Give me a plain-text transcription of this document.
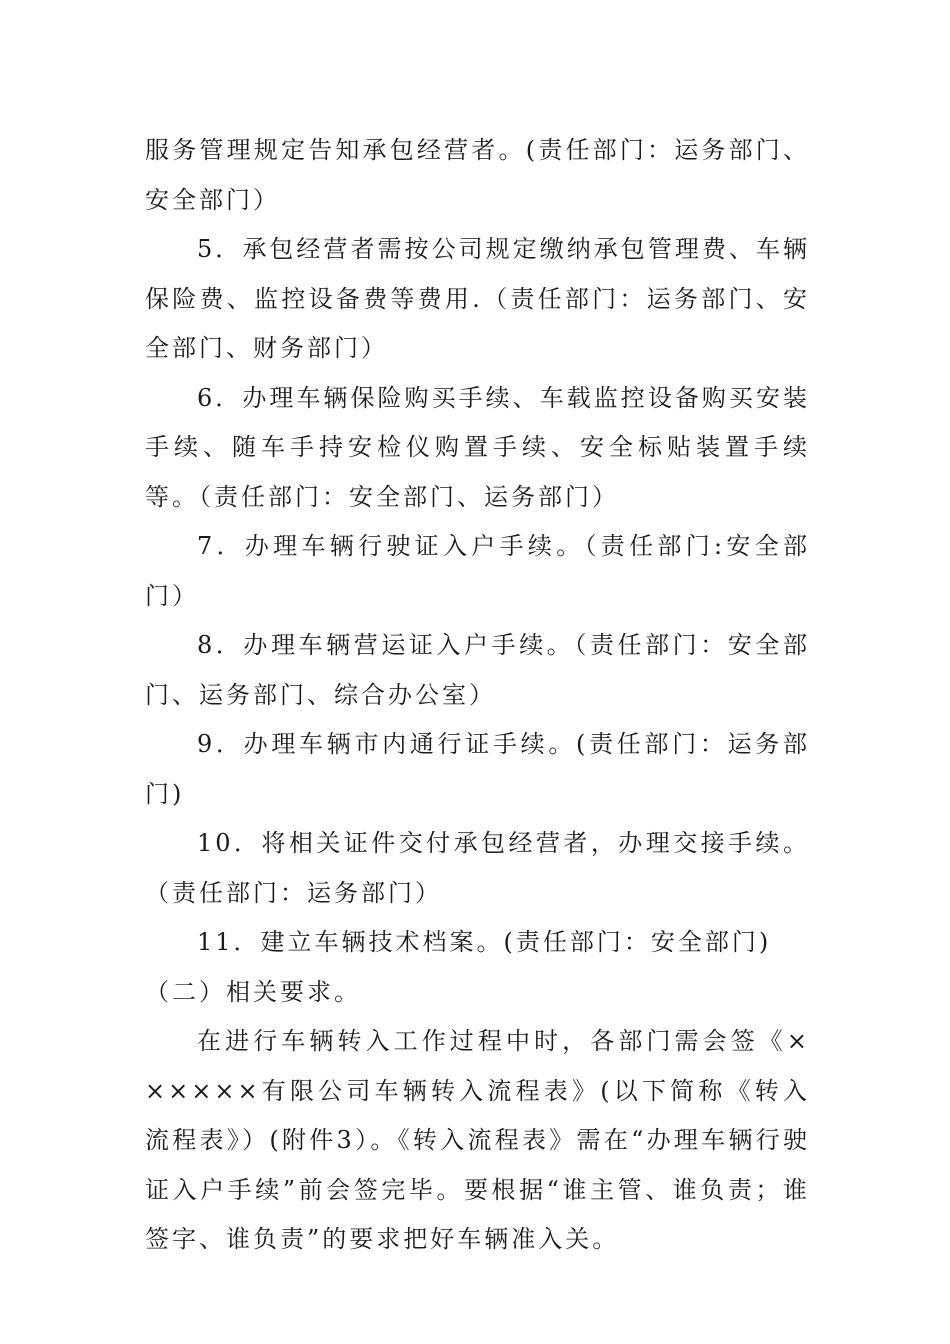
服务管理规定告知承包经营者。(责任部门：运务部门、安全部门）

5．承包经营者需按公司规定缴纳承包管理费、车辆保险费、监控设备费等费用.（责任部门：运务部门、安全部门、财务部门）

6．办理车辆保险购买手续、车载监控设备购买安装手续、随车手持安检仪购置手续、安全标贴装置手续等。（责任部门：安全部门、运务部门）

7．办理车辆行驶证入户手续。（责任部门:安全部门）

8．办理车辆营运证入户手续。（责任部门：安全部门、运务部门、综合办公室）

9．办理车辆市内通行证手续。(责任部门：运务部门)

10．将相关证件交付承包经营者，办理交接手续。（责任部门：运务部门）

11．建立车辆技术档案。(责任部门：安全部门)

（二）相关要求。

在进行车辆转入工作过程中时，各部门需会签《××××××有限公司车辆转入流程表》(以下简称《转入流程表》）(附件3）。《转入流程表》需在“办理车辆行驶证入户手续”前会签完毕。要根据“谁主管、谁负责；谁签字、谁负责”的要求把好车辆准入关。
